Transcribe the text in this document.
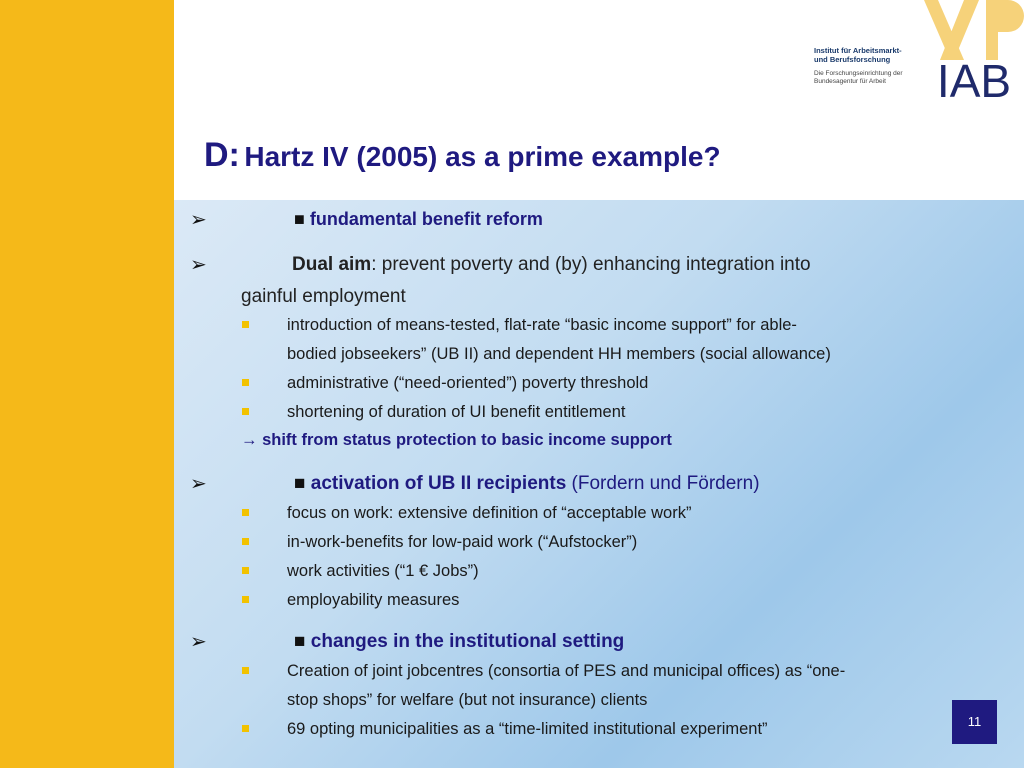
Institut für Arbeitsmarkt-
und Berufsforschung
Die Forschungseinrichtung der
Bundesagentur für Arbeit	IAB
D: Hartz IV (2005) as a prime example?
➢	■ fundamental benefit reform
➢	Dual aim: prevent poverty and (by) enhancing integration into
gainful employment
introduction of means-tested, flat-rate “basic income support” for able-
bodied jobseekers” (UB II) and dependent HH members (social allowance)
administrative (“need-oriented”) poverty threshold
shortening of duration of UI benefit entitlement
→ shift from status protection to basic income support
➢	■ activation of UB II recipients (Fordern und Fördern)
focus on work: extensive definition of “acceptable work”
in-work-benefits for low-paid work (“Aufstocker”)
work activities (“1 € Jobs”)
employability measures
➢	■ changes in the institutional setting
Creation of joint jobcentres (consortia of PES and municipal offices) as “one-
stop shops” for welfare (but not insurance) clients
69 opting municipalities as a “time-limited institutional experiment”	11
